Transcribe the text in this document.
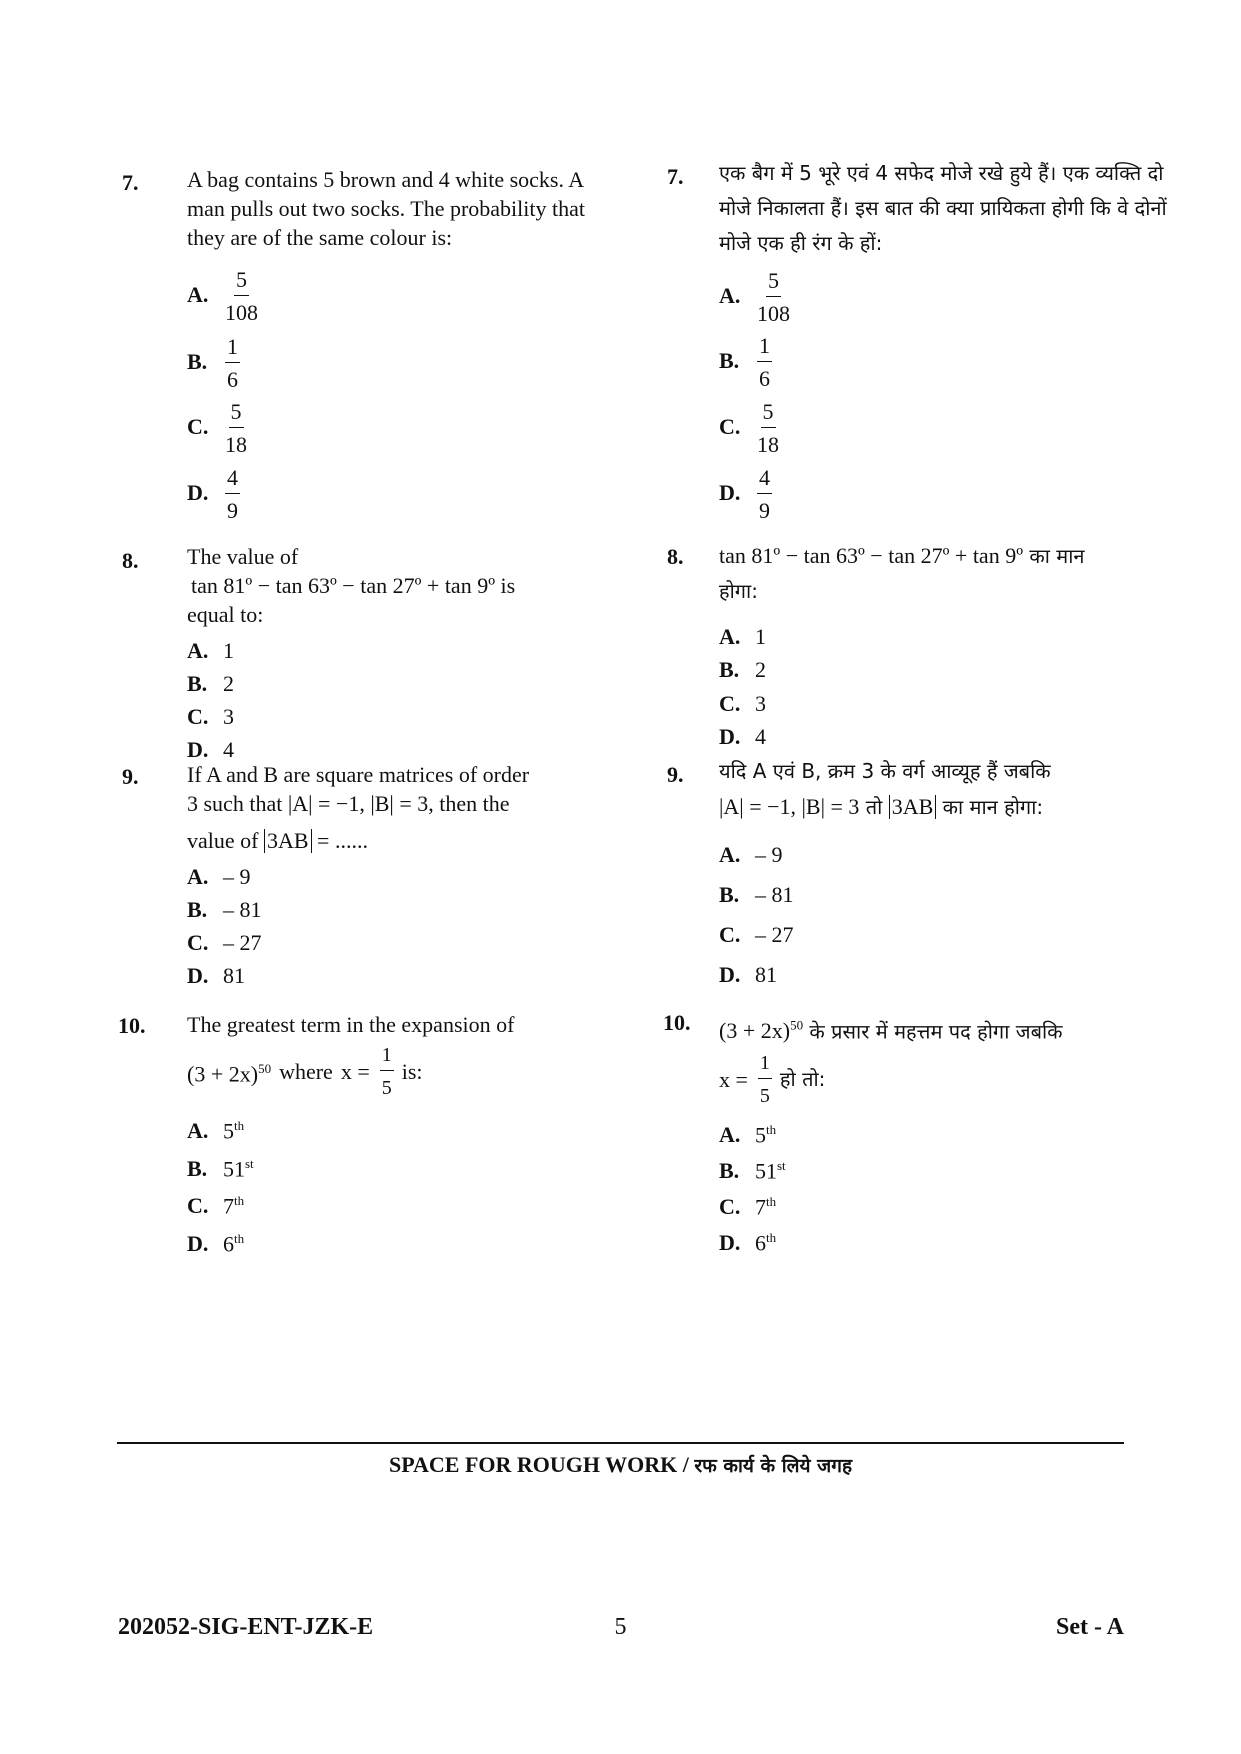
7. A bag contains 5 brown and 4 white socks. A man pulls out two socks. The probability that they are of the same colour is:
A. $\frac{5}{108}$
B. $\frac{1}{6}$
C. $\frac{5}{18}$
D. $\frac{4}{9}$
8. The value of
tan 81º − tan 63º − tan 27º + tan 9º is
equal to:
A. 1
B. 2
C. 3
D. 4
9. If A and B are square matrices of order
3 such that |A| = −1, |B| = 3, then the
value of 3AB = ......
A. – 9
B. – 81
C. – 27
D. 81
10. The greatest term in the expansion of
$(3 + 2x)^{50}$ where $x = \frac{1}{5}$ is:
A. 5th
B. 51st
C. 7th
D. 6th
7. एक बैग में 5 भूरे एवं 4 सफेद मोजे रखे हुये हैं। एक व्यक्ति दो मोजे निकालता हैं। इस बात की क्या प्रायिकता होगी कि वे दोनों मोजे एक ही रंग के हों:
A. $\frac{5}{108}$
B. $\frac{1}{6}$
C. $\frac{5}{18}$
D. $\frac{4}{9}$
8. tan 81º − tan 63º − tan 27º + tan 9º का मान
होगा:
A. 1
B. 2
C. 3
D. 4
9. यदि A एवं B, क्रम 3 के वर्ग आव्यूह हैं जबकि
|A| = −1, |B| = 3 तो 3AB का मान होगा:
A. – 9
B. – 81
C. – 27
D. 81
10. $(3 + 2x)^{50}$ के प्रसार में महत्तम पद होगा जबकि
$x = \frac{1}{5}$ हो तो:
A. 5th
B. 51st
C. 7th
D. 6th
SPACE FOR ROUGH WORK / रफ कार्य के लिये जगह
202052-SIG-ENT-JZK-E	5	Set - A
